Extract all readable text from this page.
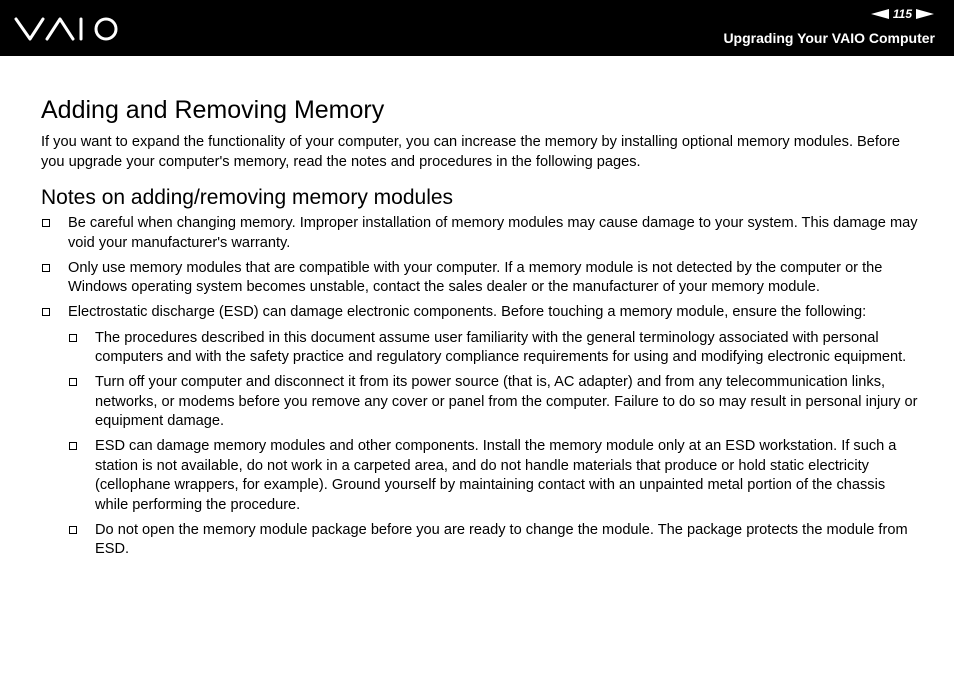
115
Upgrading Your VAIO Computer
Adding and Removing Memory

If you want to expand the functionality of your computer, you can increase the memory by installing optional memory modules. Before you upgrade your computer's memory, read the notes and procedures in the following pages.

Notes on adding/removing memory modules
Be careful when changing memory. Improper installation of memory modules may cause damage to your system. This damage may void your manufacturer's warranty.
Only use memory modules that are compatible with your computer. If a memory module is not detected by the computer or the Windows operating system becomes unstable, contact the sales dealer or the manufacturer of your memory module.
Electrostatic discharge (ESD) can damage electronic components. Before touching a memory module, ensure the following:
The procedures described in this document assume user familiarity with the general terminology associated with personal computers and with the safety practice and regulatory compliance requirements for using and modifying electronic equipment.
Turn off your computer and disconnect it from its power source (that is, AC adapter) and from any telecommunication links, networks, or modems before you remove any cover or panel from the computer. Failure to do so may result in personal injury or equipment damage.
ESD can damage memory modules and other components. Install the memory module only at an ESD workstation. If such a station is not available, do not work in a carpeted area, and do not handle materials that produce or hold static electricity (cellophane wrappers, for example). Ground yourself by maintaining contact with an unpainted metal portion of the chassis while performing the procedure.
Do not open the memory module package before you are ready to change the module. The package protects the module from ESD.
